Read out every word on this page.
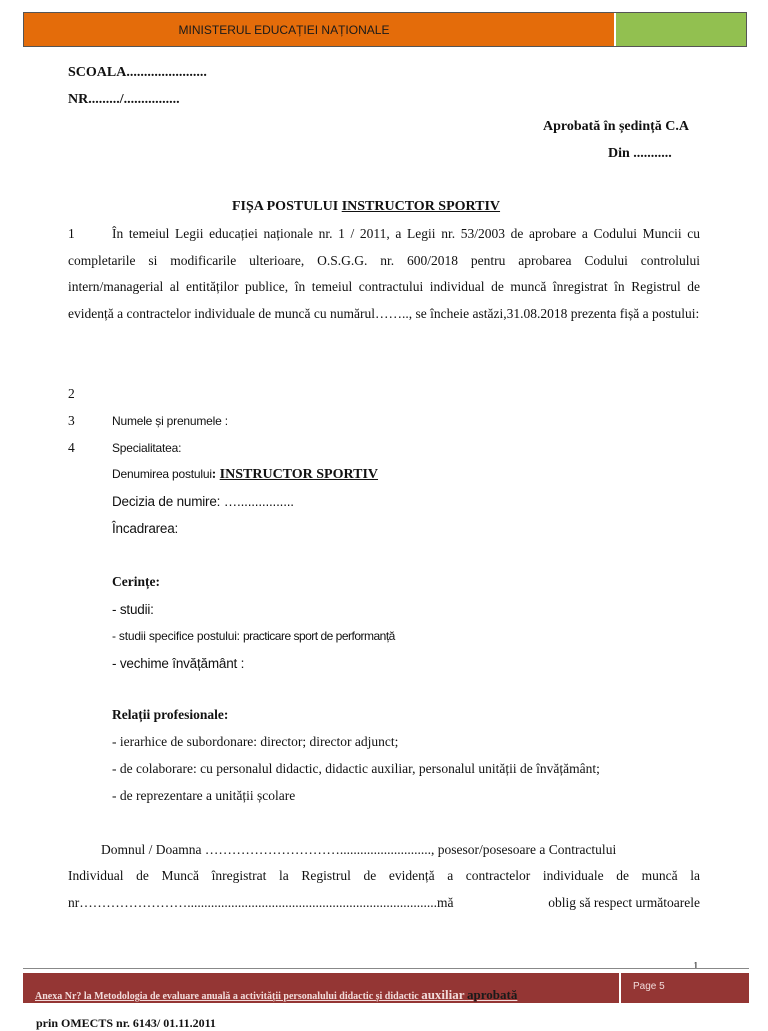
MINISTERUL EDUCAȚIEI NAȚIONALE
SCOALA.......................
NR........./................
Aprobată în ședință C.A
Din ...........
FIȘA POSTULUI INSTRUCTOR SPORTIV

1	În temeiul Legii educației naționale nr. 1 / 2011, a Legii nr. 53/2003 de aprobare a Codului Muncii cu completarile si modificarile ulterioare, O.S.G.G. nr. 600/2018 pentru aprobarea Codului controlului intern/managerial al entităților publice, în temeiul contractului individual de muncă înregistrat în Registrul de evidență a contractelor individuale de muncă cu numărul…….., se încheie astăzi,31.08.2018 prezenta fișă a postului:

2
3	Numele și prenumele :
4	Specialitatea:
Denumirea postului: INSTRUCTOR SPORTIV
Decizia de numire: …................
Încadrarea:
Cerințe:
- studii:
- studii specifice postului: practicare sport de performanță
- vechime învățământ :
Relații profesionale:
- ierarhice de subordonare: director; director adjunct;
- de colaborare: cu personalul didactic, didactic auxiliar, personalul unității de învățământ;
- de reprezentare a unității școlare
Domnul / Doamna …………………………..........................., posesor/posesoare a Contractului

Individual de Muncă înregistrat la Registrul de evidență a contractelor individuale de muncă la

nr……………………..........................................................................mă	oblig să respect următoarele
1
Anexa Nr? la Metodologia de evaluare anuală a activității personalului didactic și didactic auxiliar aprobată
Page 5
prin OMECTS nr. 6143/ 01.11.2011
